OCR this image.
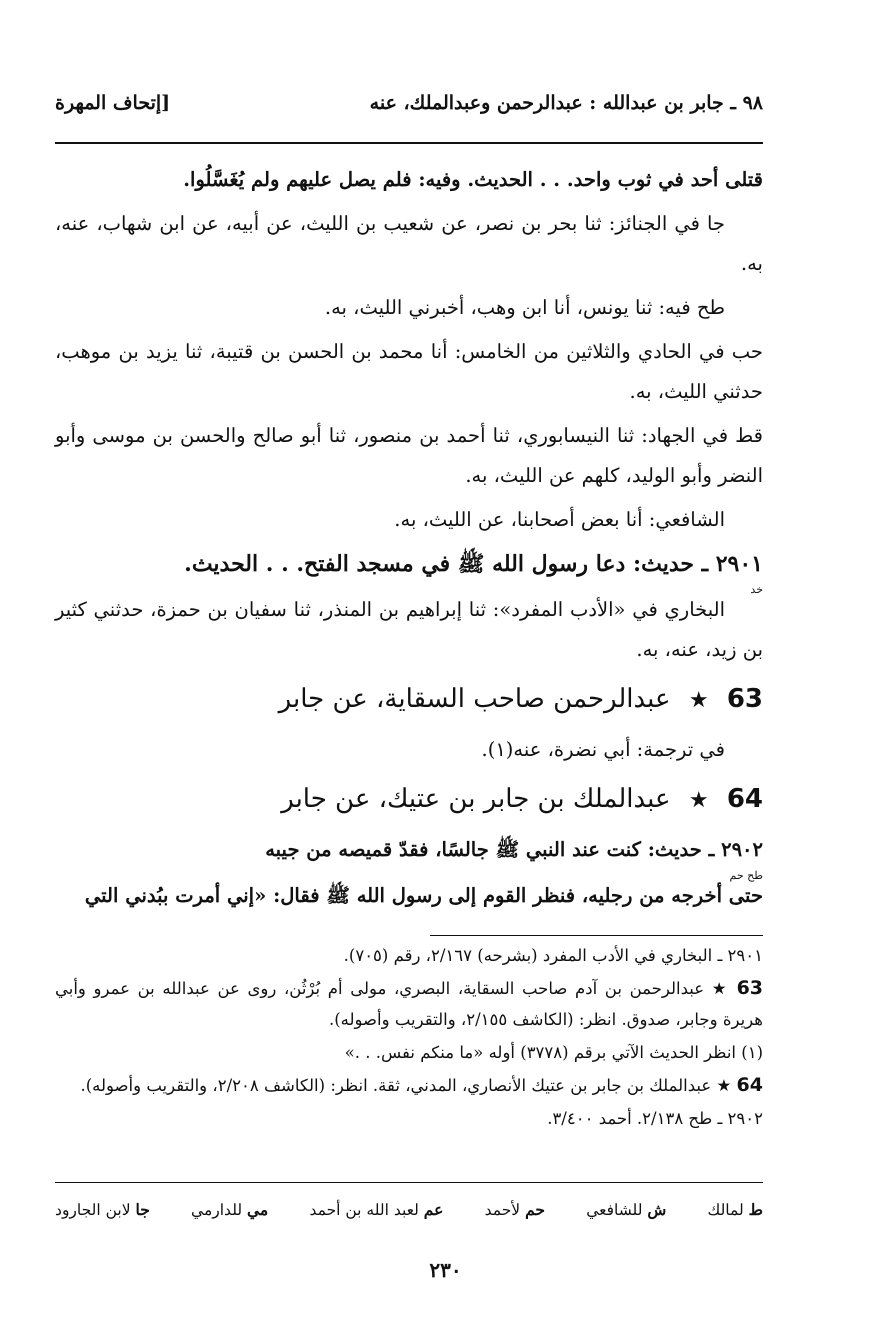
٩٨ ـ جابر بن عبدالله : عبدالرحمن وعبدالملك، عنه
[إتحاف المهرة

قتلى أحد في ثوب واحد. . . الحديث. وفيه: فلم يصل عليهم ولم يُغَسَّلُوا.

جا في الجنائز: ثنا بحر بن نصر، عن شعيب بن الليث، عن أبيه، عن ابن شهاب، عنه، به.

طح فيه: ثنا يونس، أنا ابن وهب، أخبرني الليث، به.

حب في الحادي والثلاثين من الخامس: أنا محمد بن الحسن بن قتيبة، ثنا يزيد بن موهب، حدثني الليث، به.

قط في الجهاد: ثنا النيسابوري، ثنا أحمد بن منصور، ثنا أبو صالح والحسن بن موسى وأبو النضر وأبو الوليد، كلهم عن الليث، به.

الشافعي: أنا بعض أصحابنا، عن الليث، به.

٢٩٠١ ـ حديث: دعا رسول الله ﷺ في مسجد الفتح. . . الحديث.

خد

البخاري في «الأدب المفرد»: ثنا إبراهيم بن المنذر، ثنا سفيان بن حمزة، حدثني كثير بن زيد، عنه، به.

63 ★ عبدالرحمن صاحب السقاية، عن جابر

في ترجمة: أبي نضرة، عنه(١).

64 ★ عبدالملك بن جابر بن عتيك، عن جابر

٢٩٠٢ ـ حديث: كنت عند النبي ﷺ جالسًا، فقدّ قميصه من جيبه

طح حم

حتى أخرجه من رجليه، فنظر القوم إلى رسول الله ﷺ فقال: «إني أمرت ببُدني التي

٢٩٠١ ـ البخاري في الأدب المفرد (بشرحه) ٢/١٦٧، رقم (٧٠٥).

63 ★ عبدالرحمن بن آدم صاحب السقاية، البصري، مولى أم بُرْثُن، روى عن عبدالله بن عمرو وأبي هريرة وجابر، صدوق. انظر: (الكاشف ٢/١٥٥، والتقريب وأصوله).

(١) انظر الحديث الآتي برقم (٣٧٧٨) أوله «ما منكم نفس. . .»

64 ★ عبدالملك بن جابر بن عتيك الأنصاري، المدني، ثقة. انظر: (الكاشف ٢/٢٠٨، والتقريب وأصوله).

٢٩٠٢ ـ طح ٢/١٣٨. أحمد ٣/٤٠٠.

ط لمالك
ش للشافعي
حم لأحمد
عم لعبد الله بن أحمد
مي للدارمي
جا لابن الجارود
٢٣٠
